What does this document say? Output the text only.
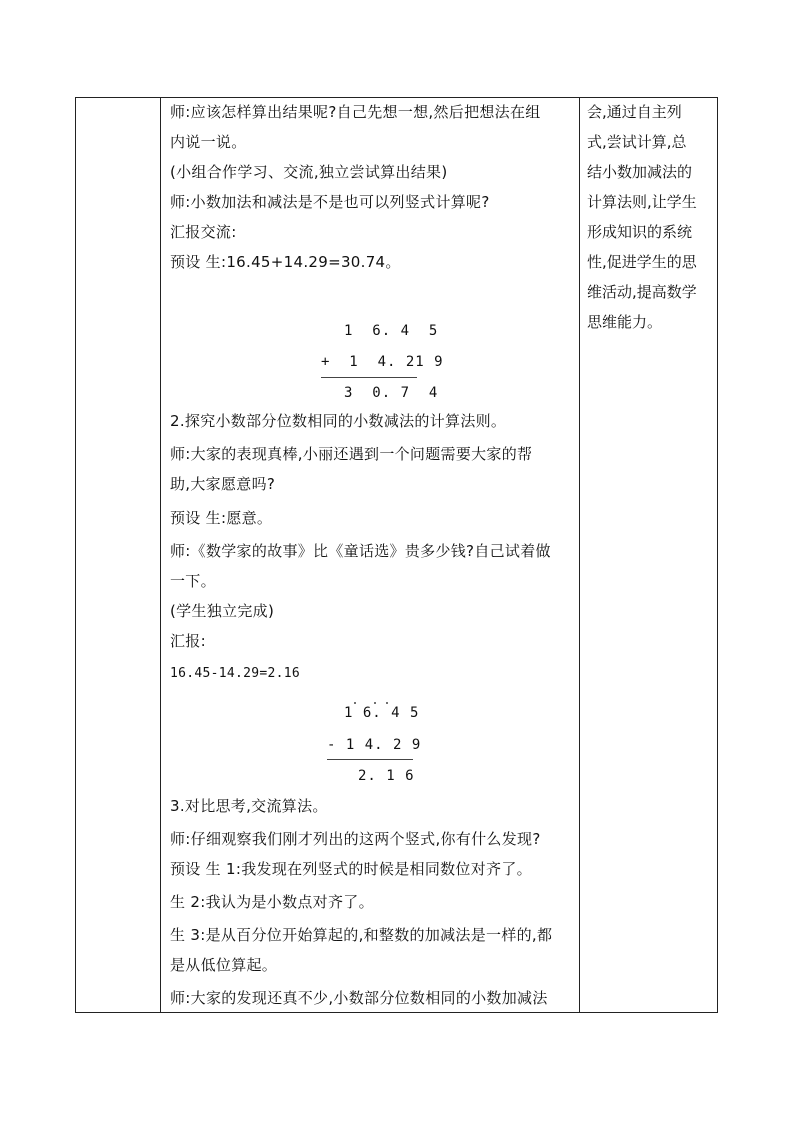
师:应该怎样算出结果呢?自己先想一想,然后把想法在组
内说一说。
(小组合作学习、交流,独立尝试算出结果)
师:小数加法和减法是不是也可以列竖式计算呢?
汇报交流:
预设 生:16.45+14.29=30.74。
1  6. 4  5
+  1  4. 21 9
3  0. 7  4
2.探究小数部分位数相同的小数减法的计算法则。
师:大家的表现真棒,小丽还遇到一个问题需要大家的帮
助,大家愿意吗?
预设 生:愿意。
师:《数学家的故事》比《童话选》贵多少钱?自己试着做
一下。
(学生独立完成)
汇报:
16.45-14.29=2.16
1 6. 4 5
- 1 4. 2 9
2. 1 6
3.对比思考,交流算法。
师:仔细观察我们刚才列出的这两个竖式,你有什么发现?
预设 生 1:我发现在列竖式的时候是相同数位对齐了。
生 2:我认为是小数点对齐了。
生 3:是从百分位开始算起的,和整数的加减法是一样的,都
是从低位算起。
师:大家的发现还真不少,小数部分位数相同的小数加减法

会,通过自主列
式,尝试计算,总
结小数加减法的
计算法则,让学生
形成知识的系统
性,促进学生的思
维活动,提高数学
思维能力。
